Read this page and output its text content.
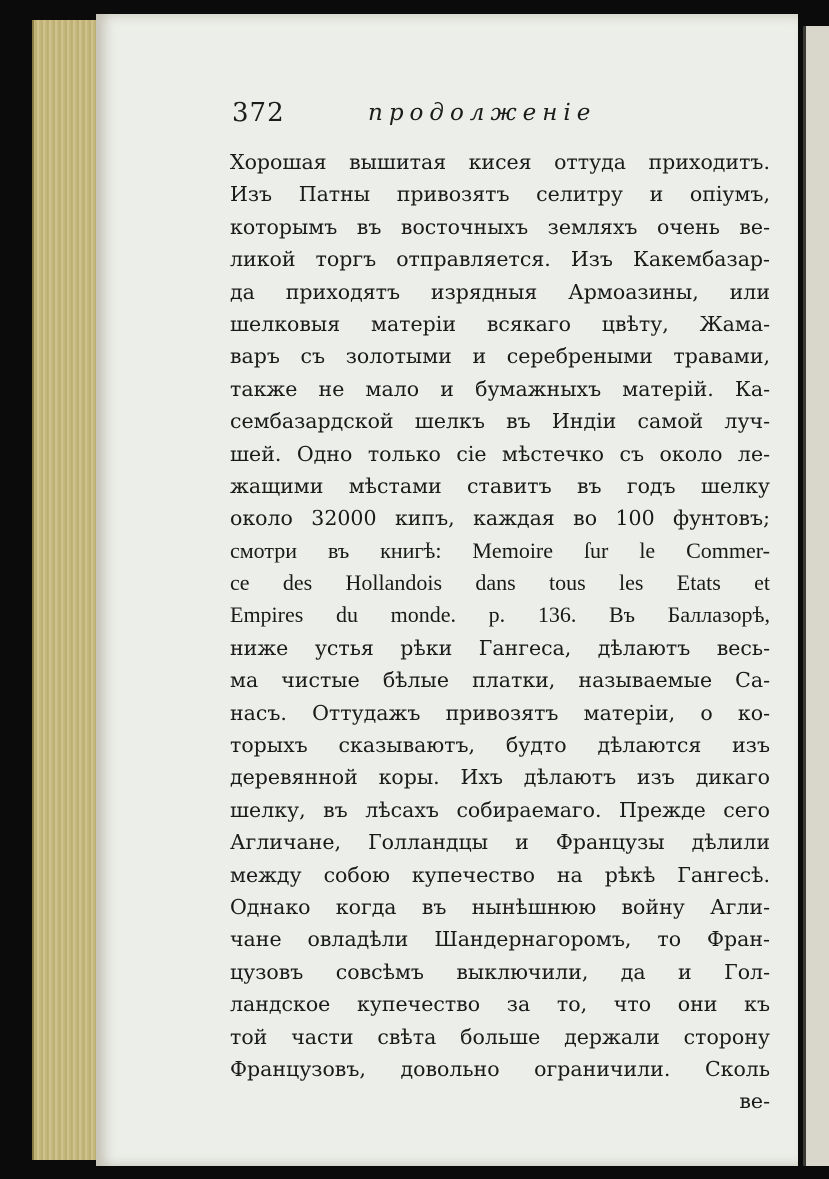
372	продолженіе
Хорошая вышитая кисея оттуда приходитъ.
Изъ Патны привозятъ селитру и опіумъ,
которымъ въ восточныхъ земляхъ очень ве-
ликой торгъ отправляется. Изъ Какембазар-
да приходятъ изрядныя Армоазины, или
шелковыя матеріи всякаго цвѣту, Жама-
варъ съ золотыми и серебреными травами,
также не мало и бумажныхъ матерій. Ка-
сембазардской шелкъ въ Индіи самой луч-
шей. Одно только сіе мѣстечко съ около ле-
жащими мѣстами ставитъ въ годъ шелку
около 32000 кипъ, каждая во 100 фунтовъ;
смотри въ книгѣ: Memoire ſur le Commer-
ce des Hollandois dans tous les Etats et
Empires du monde. p. 136. Въ Баллазорѣ,
ниже устья рѣки Гангеса, дѣлаютъ весь-
ма чистые бѣлые платки, называемые Са-
насъ. Оттудажъ привозятъ матеріи, о ко-
торыхъ сказываютъ, будто дѣлаются изъ
деревянной коры. Ихъ дѣлаютъ изъ дикаго
шелку, въ лѣсахъ собираемаго. Прежде сего
Агличане, Голландцы и Французы дѣлили
между собою купечество на рѣкѣ Гангесѣ.
Однако когда въ нынѣшнюю войну Агли-
чане овладѣли Шандернагоромъ, то Фран-
цузовъ совсѣмъ выключили, да и Гол-
ландское купечество за то, что они къ
той части свѣта больше держали сторону
Французовъ, довольно ограничили. Сколь
ве-
